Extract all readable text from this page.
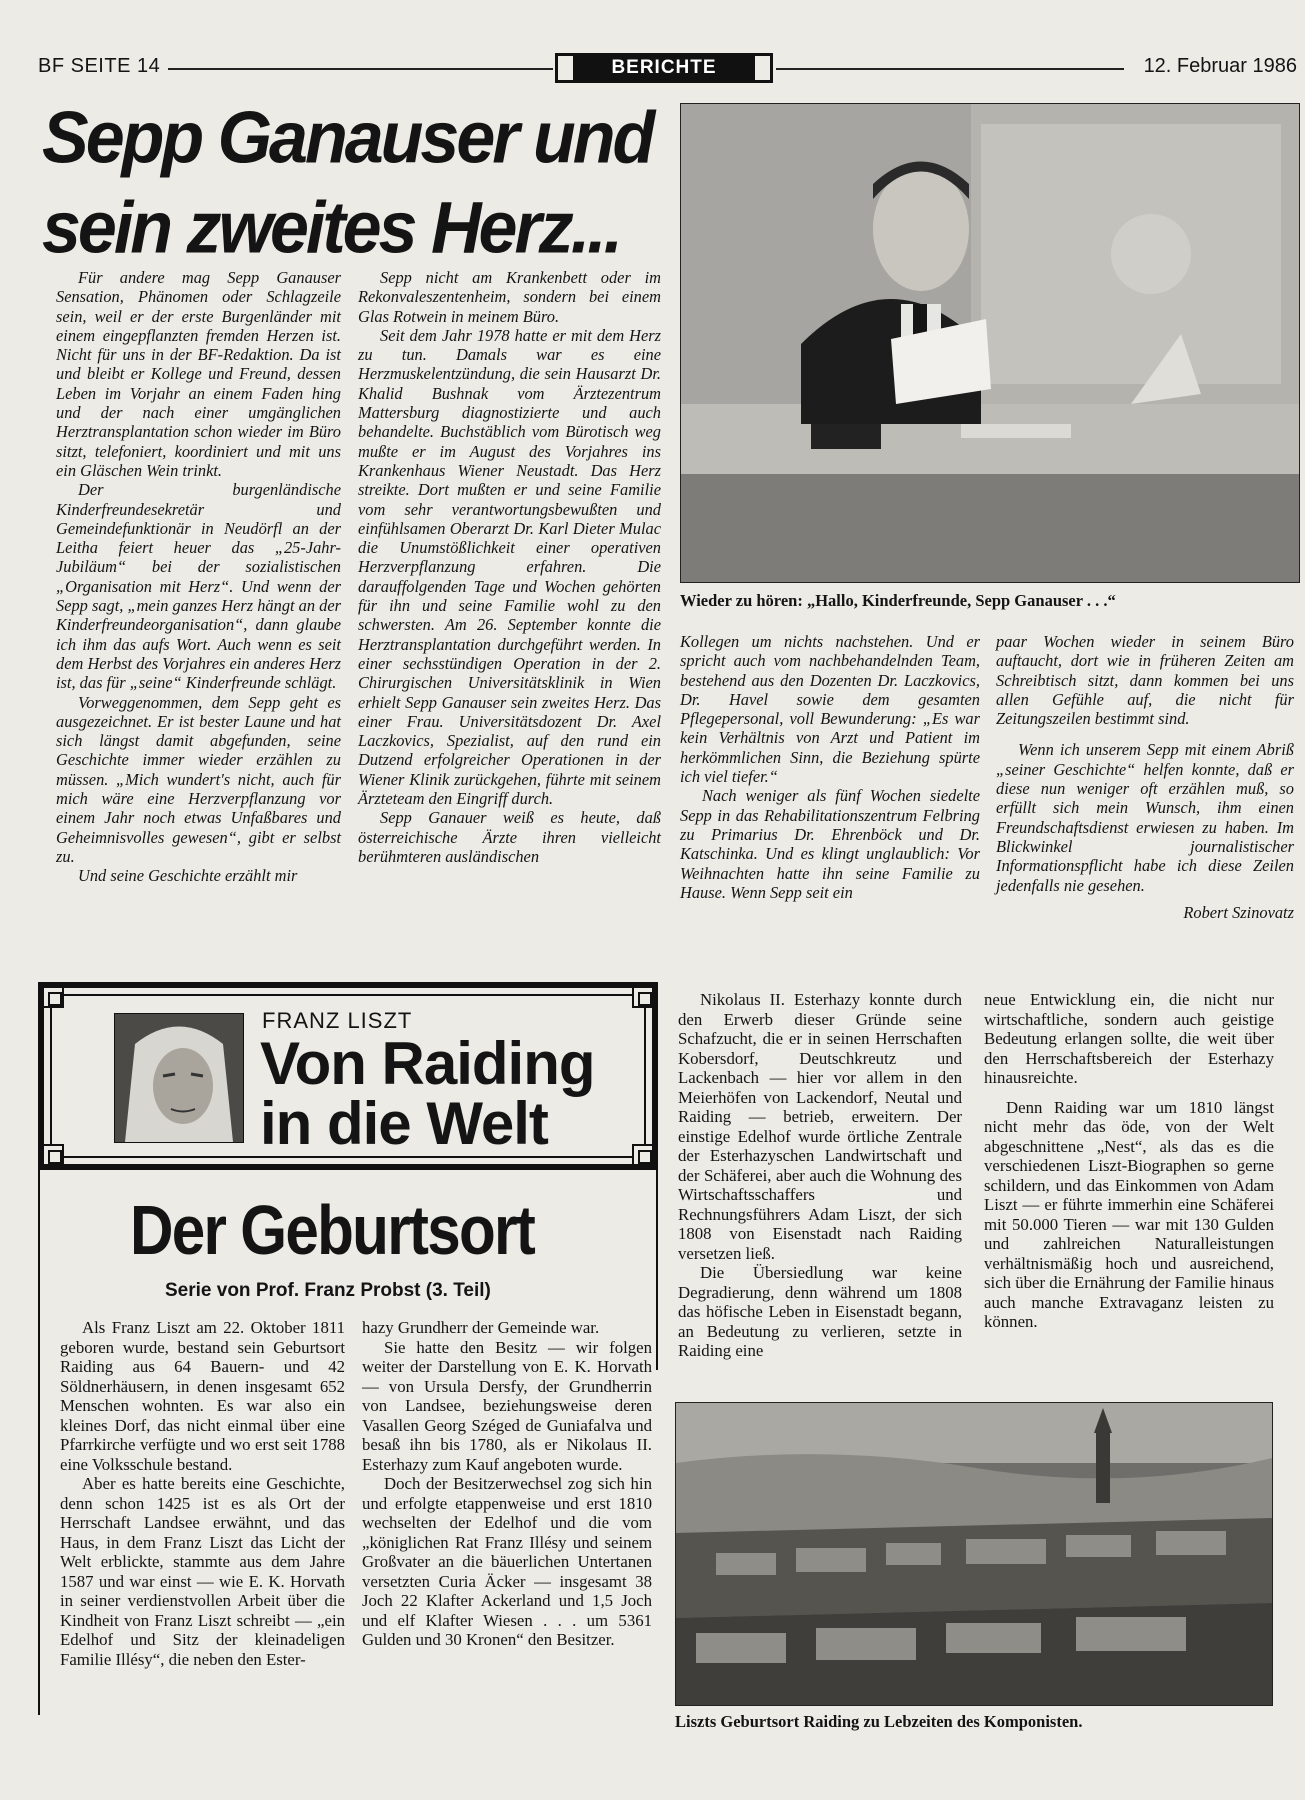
BF SEITE 14	BERICHTE	12. Februar 1986
Sepp Ganauser und
sein zweites Herz...

Für andere mag Sepp Ganauser Sensation, Phänomen oder Schlagzeile sein, weil er der erste Burgenländer mit einem eingepflanzten fremden Herzen ist. Nicht für uns in der BF-Redaktion. Da ist und bleibt er Kollege und Freund, dessen Leben im Vorjahr an einem Faden hing und der nach einer umgänglichen Herztransplantation schon wieder im Büro sitzt, telefoniert, koordiniert und mit uns ein Gläschen Wein trinkt.

Der burgenländische Kinderfreundesekretär und Gemeindefunktionär in Neudörfl an der Leitha feiert heuer das „25-Jahr-Jubiläum“ bei der sozialistischen „Organisation mit Herz“. Und wenn der Sepp sagt, „mein ganzes Herz hängt an der Kinderfreundeorganisation“, dann glaube ich ihm das aufs Wort. Auch wenn es seit dem Herbst des Vorjahres ein anderes Herz ist, das für „seine“ Kinderfreunde schlägt.

Vorweggenommen, dem Sepp geht es ausgezeichnet. Er ist bester Laune und hat sich längst damit abgefunden, seine Geschichte immer wieder erzählen zu müssen. „Mich wundert's nicht, auch für mich wäre eine Herzverpflanzung vor einem Jahr noch etwas Unfaßbares und Geheimnisvolles gewesen“, gibt er selbst zu.

Und seine Geschichte erzählt mir

Sepp nicht am Krankenbett oder im Rekonvaleszentenheim, sondern bei einem Glas Rotwein in meinem Büro.

Seit dem Jahr 1978 hatte er mit dem Herz zu tun. Damals war es eine Herzmuskelentzündung, die sein Hausarzt Dr. Khalid Bushnak vom Ärztezentrum Mattersburg diagnostizierte und auch behandelte. Buchstäblich vom Bürotisch weg mußte er im August des Vorjahres ins Krankenhaus Wiener Neustadt. Das Herz streikte. Dort mußten er und seine Familie vom sehr verantwortungsbewußten und einfühlsamen Oberarzt Dr. Karl Dieter Mulac die Unumstößlichkeit einer operativen Herzverpflanzung erfahren. Die darauffolgenden Tage und Wochen gehörten für ihn und seine Familie wohl zu den schwersten. Am 26. September konnte die Herztransplantation durchgeführt werden. In einer sechsstündigen Operation in der 2. Chirurgischen Universitätsklinik in Wien erhielt Sepp Ganauser sein zweites Herz. Das einer Frau. Universitätsdozent Dr. Axel Laczkovics, Spezialist, auf den rund ein Dutzend erfolgreicher Operationen in der Wiener Klinik zurückgehen, führte mit seinem Ärzteteam den Eingriff durch.

Sepp Ganauer weiß es heute, daß österreichische Ärzte ihren vielleicht berühmteren ausländischen

Wieder zu hören: „Hallo, Kinderfreunde, Sepp Ganauser . . .“

Kollegen um nichts nachstehen. Und er spricht auch vom nachbehandelnden Team, bestehend aus den Dozenten Dr. Laczkovics, Dr. Havel sowie dem gesamten Pflegepersonal, voll Bewunderung: „Es war kein Verhältnis von Arzt und Patient im herkömmlichen Sinn, die Beziehung spürte ich viel tiefer.“

Nach weniger als fünf Wochen siedelte Sepp in das Rehabilitationszentrum Felbring zu Primarius Dr. Ehrenböck und Dr. Katschinka. Und es klingt unglaublich: Vor Weihnachten hatte ihn seine Familie zu Hause. Wenn Sepp seit ein

paar Wochen wieder in seinem Büro auftaucht, dort wie in früheren Zeiten am Schreibtisch sitzt, dann kommen bei uns allen Gefühle auf, die nicht für Zeitungszeilen bestimmt sind.

Wenn ich unserem Sepp mit einem Abriß „seiner Geschichte“ helfen konnte, daß er diese nun weniger oft erzählen muß, so erfüllt sich mein Wunsch, ihm einen Freundschaftsdienst erwiesen zu haben. Im Blickwinkel journalistischer Informationspflicht habe ich diese Zeilen jedenfalls nie gesehen.

Robert Szinovatz
FRANZ LISZT
Von Raiding
in die Welt
Der Geburtsort
Serie von Prof. Franz Probst (3. Teil)

Als Franz Liszt am 22. Oktober 1811 geboren wurde, bestand sein Geburtsort Raiding aus 64 Bauern- und 42 Söldnerhäusern, in denen insgesamt 652 Menschen wohnten. Es war also ein kleines Dorf, das nicht einmal über eine Pfarrkirche verfügte und wo erst seit 1788 eine Volksschule bestand.

Aber es hatte bereits eine Geschichte, denn schon 1425 ist es als Ort der Herrschaft Landsee erwähnt, und das Haus, in dem Franz Liszt das Licht der Welt erblickte, stammte aus dem Jahre 1587 und war einst — wie E. K. Horvath in seiner verdienstvollen Arbeit über die Kindheit von Franz Liszt schreibt — „ein Edelhof und Sitz der kleinadeligen Familie Illésy“, die neben den Ester-

hazy Grundherr der Gemeinde war.

Sie hatte den Besitz — wir folgen weiter der Darstellung von E. K. Horvath — von Ursula Dersfy, der Grundherrin von Landsee, beziehungsweise deren Vasallen Georg Széged de Guniafalva und besaß ihn bis 1780, als er Nikolaus II. Esterhazy zum Kauf angeboten wurde.

Doch der Besitzerwechsel zog sich hin und erfolgte etappenweise und erst 1810 wechselten der Edelhof und die vom „königlichen Rat Franz Illésy und seinem Großvater an die bäuerlichen Untertanen versetzten Curia Äcker — insgesamt 38 Joch 22 Klafter Ackerland und 1,5 Joch und elf Klafter Wiesen . . . um 5361 Gulden und 30 Kronen“ den Besitzer.

Nikolaus II. Esterhazy konnte durch den Erwerb dieser Gründe seine Schafzucht, die er in seinen Herrschaften Kobersdorf, Deutschkreutz und Lackenbach — hier vor allem in den Meierhöfen von Lackendorf, Neutal und Raiding — betrieb, erweitern. Der einstige Edelhof wurde örtliche Zentrale der Esterhazyschen Landwirtschaft und der Schäferei, aber auch die Wohnung des Wirtschaftsschaffers und Rechnungsführers Adam Liszt, der sich 1808 von Eisenstadt nach Raiding versetzen ließ.

Die Übersiedlung war keine Degradierung, denn während um 1808 das höfische Leben in Eisenstadt begann, an Bedeutung zu verlieren, setzte in Raiding eine

neue Entwicklung ein, die nicht nur wirtschaftliche, sondern auch geistige Bedeutung erlangen sollte, die weit über den Herrschaftsbereich der Esterhazy hinausreichte.

Denn Raiding war um 1810 längst nicht mehr das öde, von der Welt abgeschnittene „Nest“, als das es die verschiedenen Liszt-Biographen so gerne schildern, und das Einkommen von Adam Liszt — er führte immerhin eine Schäferei mit 50.000 Tieren — war mit 130 Gulden und zahlreichen Naturalleistungen verhältnismäßig hoch und ausreichend, sich über die Ernährung der Familie hinaus auch manche Extravaganz leisten zu können.

Liszts Geburtsort Raiding zu Lebzeiten des Komponisten.
